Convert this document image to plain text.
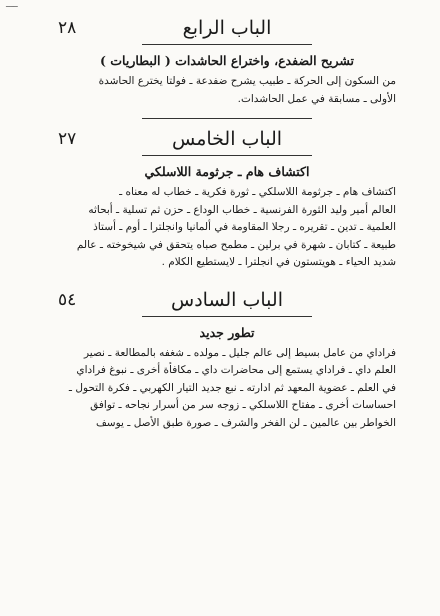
ـــــ
الباب الرابع
٢٨
تشريح الضفدع، واختراع الحاشدات ( البطاريات )

من السكون إلى الحركة ـ طبيب يشرح ضفدعة ـ فولتا يخترع الحاشدة
الأولى ـ مسابقة في عمل الحاشدات.

الباب الخامس
٢٧
اكتشاف هام ـ جرثومة اللاسلكي

اكتشاف هام ـ جرثومة اللاسلكي ـ ثورة فكرية ـ خطاب له معناه ـ
العالم أمير وليد الثورة الفرنسية ـ خطاب الوداع ـ حزن ثم تسلية ـ أبحاثه
العلمية ـ تدين ـ تقريره ـ رجلا المقاومة في ألمانيا وانجلترا ـ أوم ـ أستاذ
طبيعة ـ كتابان ـ شهرة في برلين ـ مطمح صباه يتحقق في شيخوخته ـ عالم
شديد الحياء ـ هويتستون في انجلترا ـ لايستطيع الكلام .

الباب السادس
٥٤
تطور جديد

فراداي من عامل بسيط إلى عالم جليل ـ مولده ـ شغفه بالمطالعة ـ نصير
العلم داي ـ فراداي يستمع إلى محاضرات داي ـ مكافأة أخرى ـ نبوغ فراداي
في العلم ـ عضوية المعهد ثم ادارته ـ نبع جديد التيار الكهربي ـ فكرة التحول ـ
احساسات أخرى ـ مفتاح اللاسلكي ـ زوجه سر من أسرار نجاحه ـ توافق
الخواطر بين عالمين ـ لن الفخر والشرف ـ صورة طبق الأصل ـ يوسف
